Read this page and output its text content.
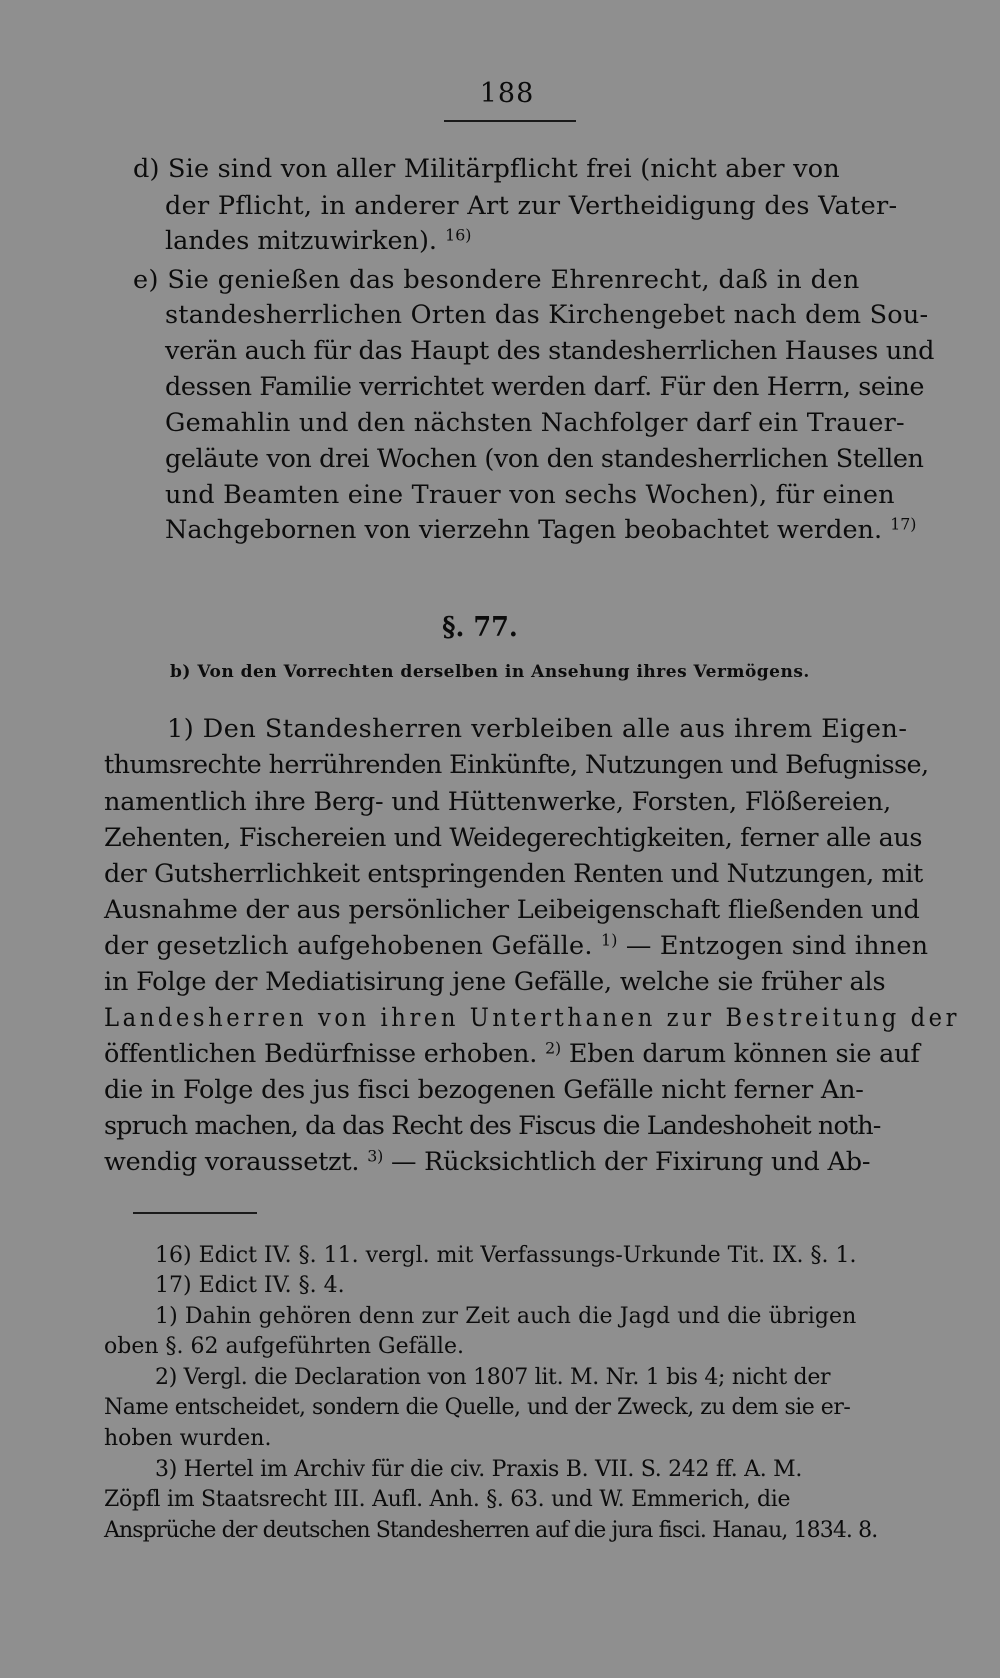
188
d) Sie sind von aller Militärpflicht frei (nicht aber von
der Pflicht, in anderer Art zur Vertheidigung des Vater-
landes mitzuwirken). $^{16)}$
e) Sie genießen das besondere Ehrenrecht, daß in den
standesherrlichen Orten das Kirchengebet nach dem Sou-
verän auch für das Haupt des standesherrlichen Hauses und
dessen Familie verrichtet werden darf. Für den Herrn, seine
Gemahlin und den nächsten Nachfolger darf ein Trauer-
geläute von drei Wochen (von den standesherrlichen Stellen
und Beamten eine Trauer von sechs Wochen), für einen
Nachgebornen von vierzehn Tagen beobachtet werden. $^{17)}$
§. 77.
b) Von den Vorrechten derselben in Ansehung ihres Vermögens.
1) Den Standesherren verbleiben alle aus ihrem Eigen-
thumsrechte herrührenden Einkünfte, Nutzungen und Befugnisse,
namentlich ihre Berg- und Hüttenwerke, Forsten, Flößereien,
Zehenten, Fischereien und Weidegerechtigkeiten, ferner alle aus
der Gutsherrlichkeit entspringenden Renten und Nutzungen, mit
Ausnahme der aus persönlicher Leibeigenschaft fließenden und
der gesetzlich aufgehobenen Gefälle. $^{1)}$ — Entzogen sind ihnen
in Folge der Mediatisirung jene Gefälle, welche sie früher als
Landesherren von ihren Unterthanen zur Bestreitung der
öffentlichen Bedürfnisse erhoben. $^{2)}$ Eben darum können sie auf
die in Folge des jus fisci bezogenen Gefälle nicht ferner An-
spruch machen, da das Recht des Fiscus die Landeshoheit noth-
wendig voraussetzt. $^{3)}$ — Rücksichtlich der Fixirung und Ab-
16) Edict IV. §. 11. vergl. mit Verfassungs-Urkunde Tit. IX. §. 1.
17) Edict IV. §. 4.
1) Dahin gehören denn zur Zeit auch die Jagd und die übrigen
oben §. 62 aufgeführten Gefälle.
2) Vergl. die Declaration von 1807 lit. M. Nr. 1 bis 4; nicht der
Name entscheidet, sondern die Quelle, und der Zweck, zu dem sie er-
hoben wurden.
3) Hertel im Archiv für die civ. Praxis B. VII. S. 242 ff. A. M.
Zöpfl im Staatsrecht III. Aufl. Anh. §. 63. und W. Emmerich, die
Ansprüche der deutschen Standesherren auf die jura fisci. Hanau, 1834. 8.
